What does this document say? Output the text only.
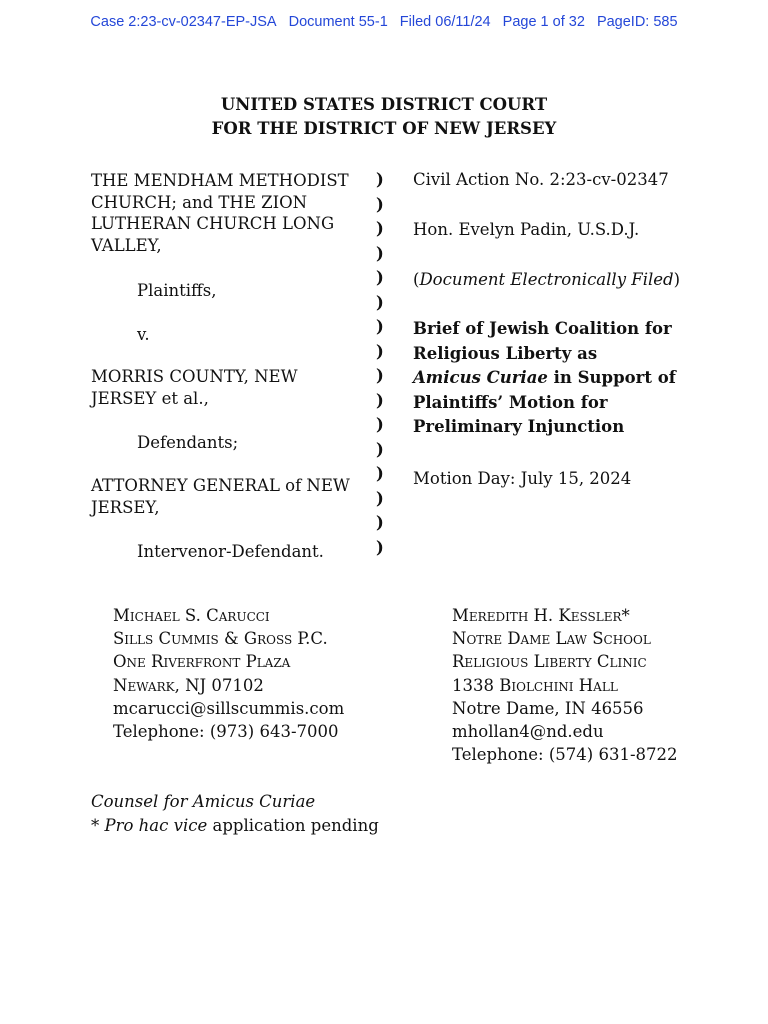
Case 2:23-cv-02347-EP-JSA Document 55-1 Filed 06/11/24 Page 1 of 32 PageID: 585
UNITED STATES DISTRICT COURT
FOR THE DISTRICT OF NEW JERSEY
THE MENDHAM METHODIST
CHURCH; and THE ZION
LUTHERAN CHURCH LONG
VALLEY,
Plaintiffs,
v.
MORRIS COUNTY, NEW
JERSEY et al.,
Defendants;
ATTORNEY GENERAL of NEW
JERSEY,
Intervenor-Defendant.
)
)
)
)
)
)
)
)
)
)
)
)
)
)
)
)
Civil Action No. 2:23-cv-02347
Hon. Evelyn Padin, U.S.D.J.
(Document Electronically Filed)
Brief of Jewish Coalition for
Religious Liberty as
Amicus Curiae in Support of
Plaintiffs’ Motion for
Preliminary Injunction
Motion Day: July 15, 2024
Michael S. Carucci
Sills Cummis & Gross P.C.
One Riverfront Plaza
Newark, NJ 07102
mcarucci@sillscummis.com
Telephone: (973) 643-7000
Meredith H. Kessler*
Notre Dame Law School
Religious Liberty Clinic
1338 Biolchini Hall
Notre Dame, IN 46556
mhollan4@nd.edu
Telephone: (574) 631-8722
Counsel for Amicus Curiae
* Pro hac vice application pending
